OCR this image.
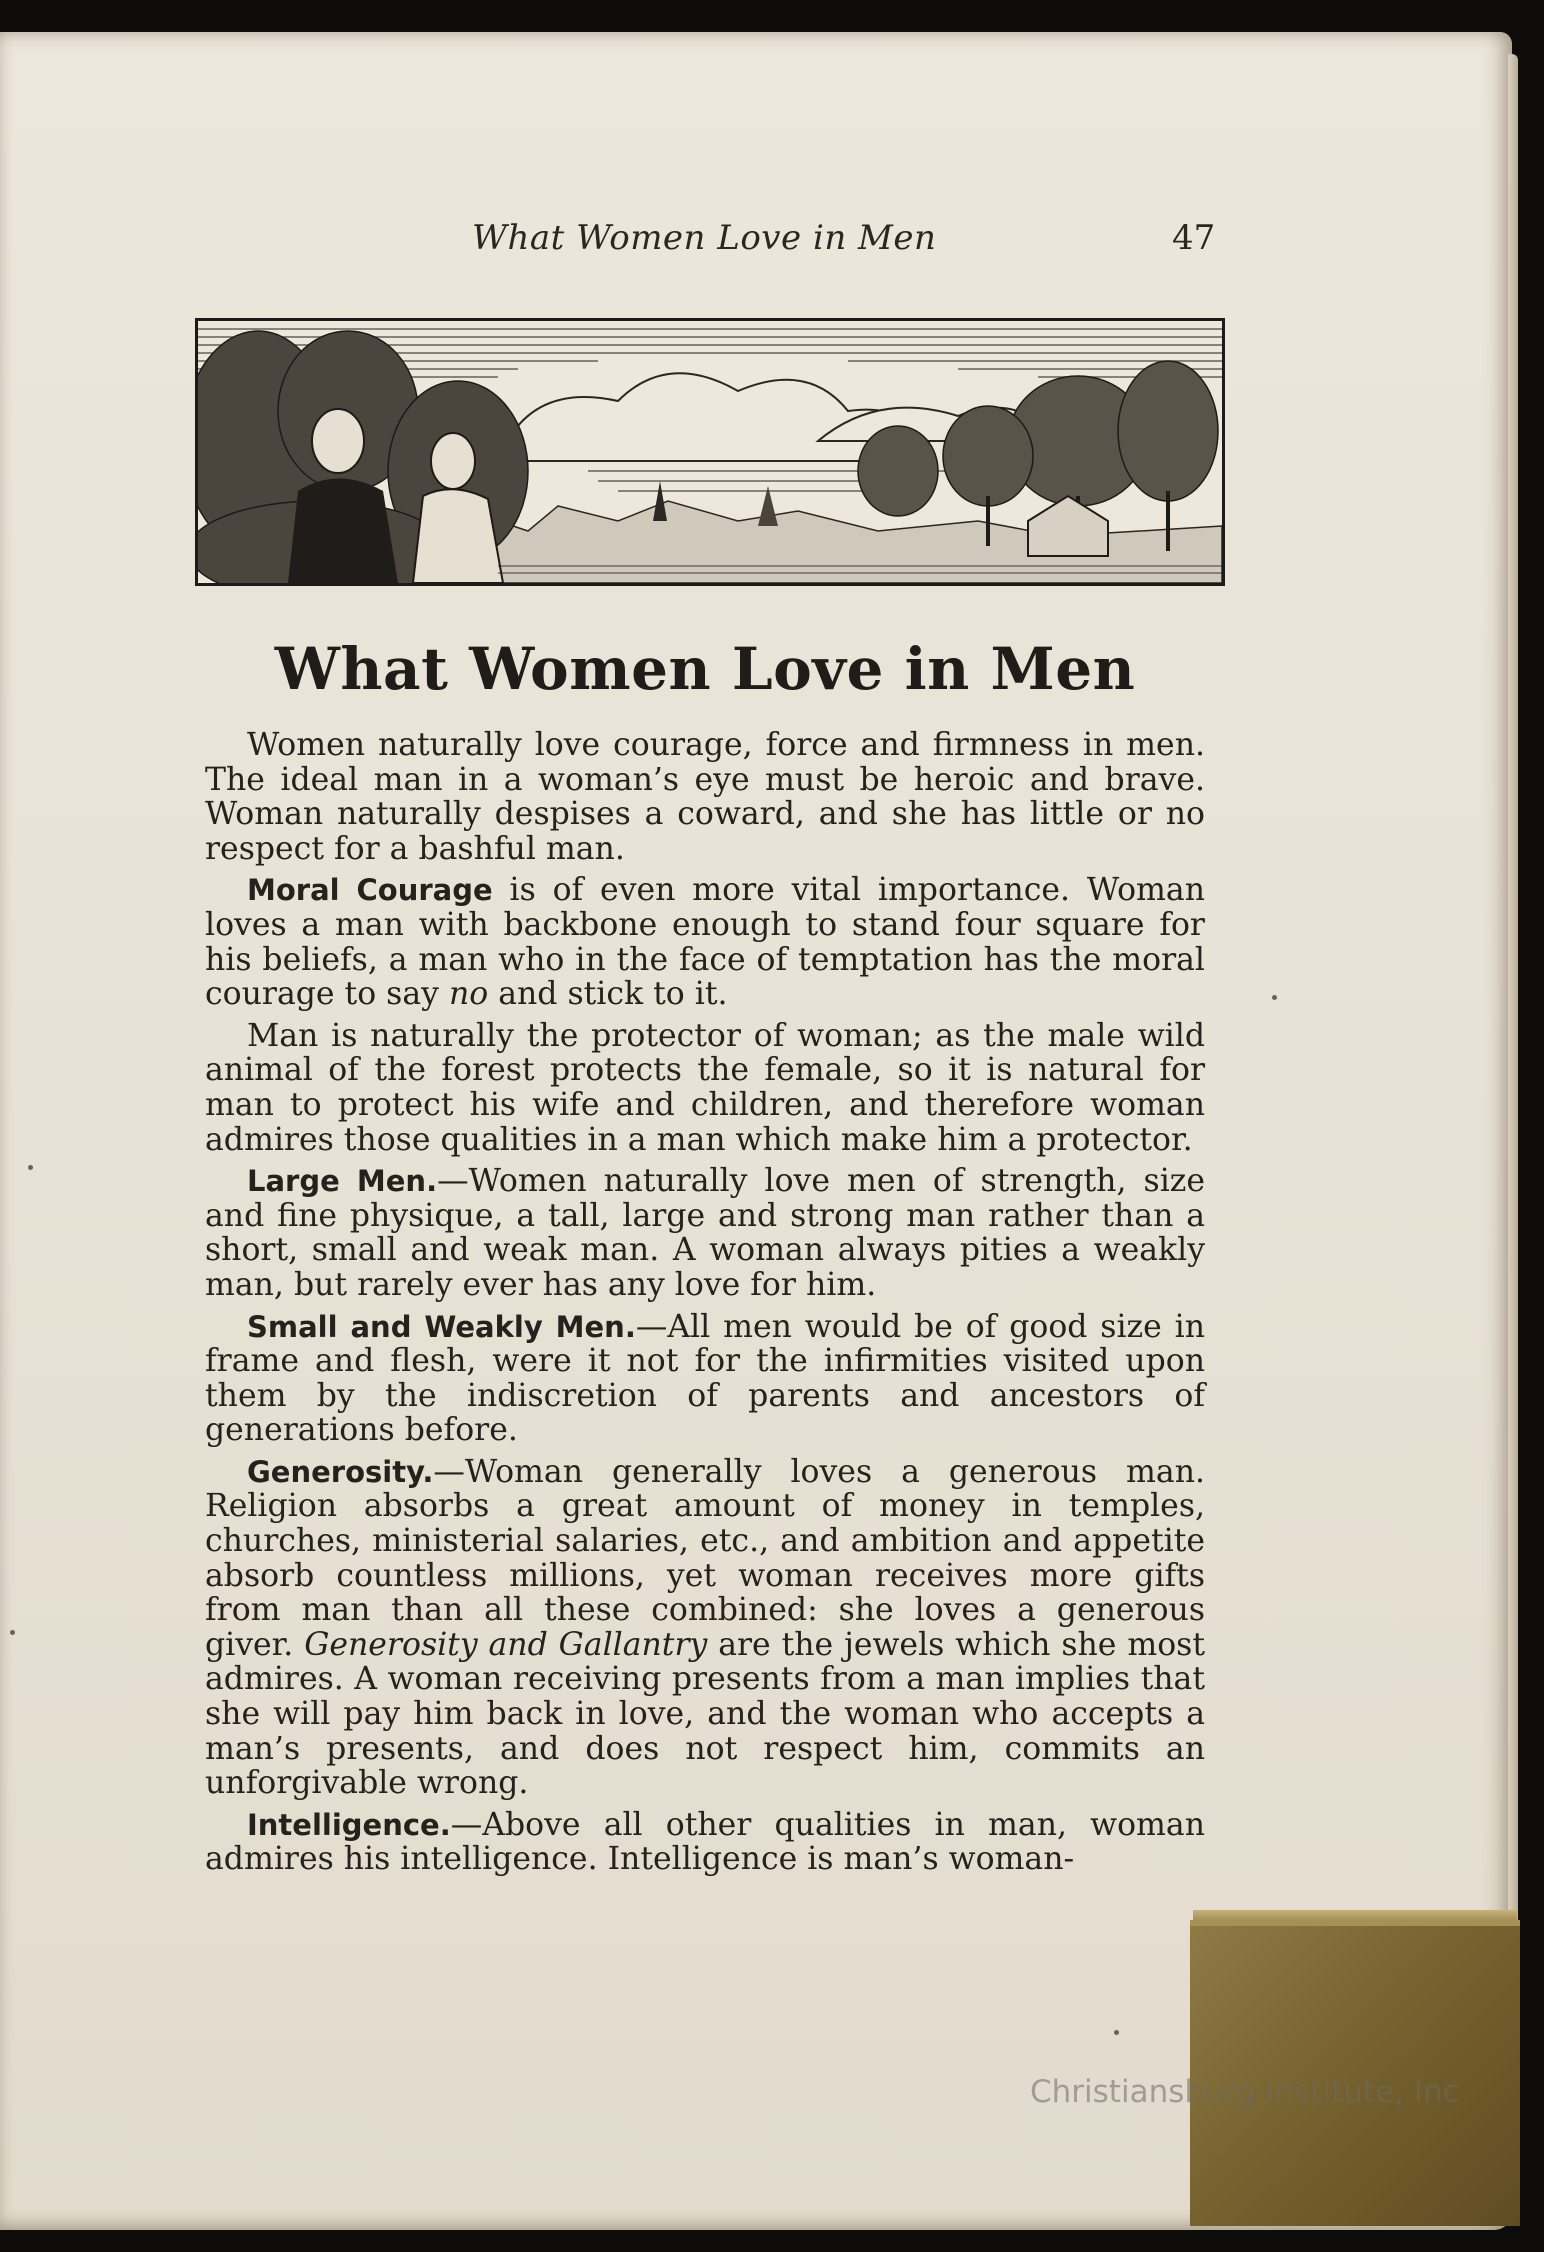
What Women Love in Men	47
What Women Love in Men

Women naturally love courage, force and firmness in men. The ideal man in a woman’s eye must be heroic and brave. Woman naturally despises a coward, and she has little or no respect for a bashful man.

Moral Courage is of even more vital importance. Woman loves a man with backbone enough to stand four square for his beliefs, a man who in the face of temptation has the moral courage to say no and stick to it.

Man is naturally the protector of woman; as the male wild animal of the forest protects the female, so it is natural for man to protect his wife and children, and therefore woman admires those qualities in a man which make him a protector.

Large Men.—Women naturally love men of strength, size and fine physique, a tall, large and strong man rather than a short, small and weak man. A woman always pities a weakly man, but rarely ever has any love for him.

Small and Weakly Men.—All men would be of good size in frame and flesh, were it not for the infirmities visited upon them by the indiscretion of parents and ancestors of generations before.

Generosity.—Woman generally loves a generous man. Religion absorbs a great amount of money in temples, churches, ministerial salaries, etc., and ambition and appetite absorb countless millions, yet woman receives more gifts from man than all these combined: she loves a generous giver. Generosity and Gallantry are the jewels which she most admires. A woman receiving presents from a man implies that she will pay him back in love, and the woman who accepts a man’s presents, and does not respect him, commits an unforgivable wrong.

Intelligence.—Above all other qualities in man, woman admires his intelligence. Intelligence is man’s woman-

Christiansburg Institute, Inc
